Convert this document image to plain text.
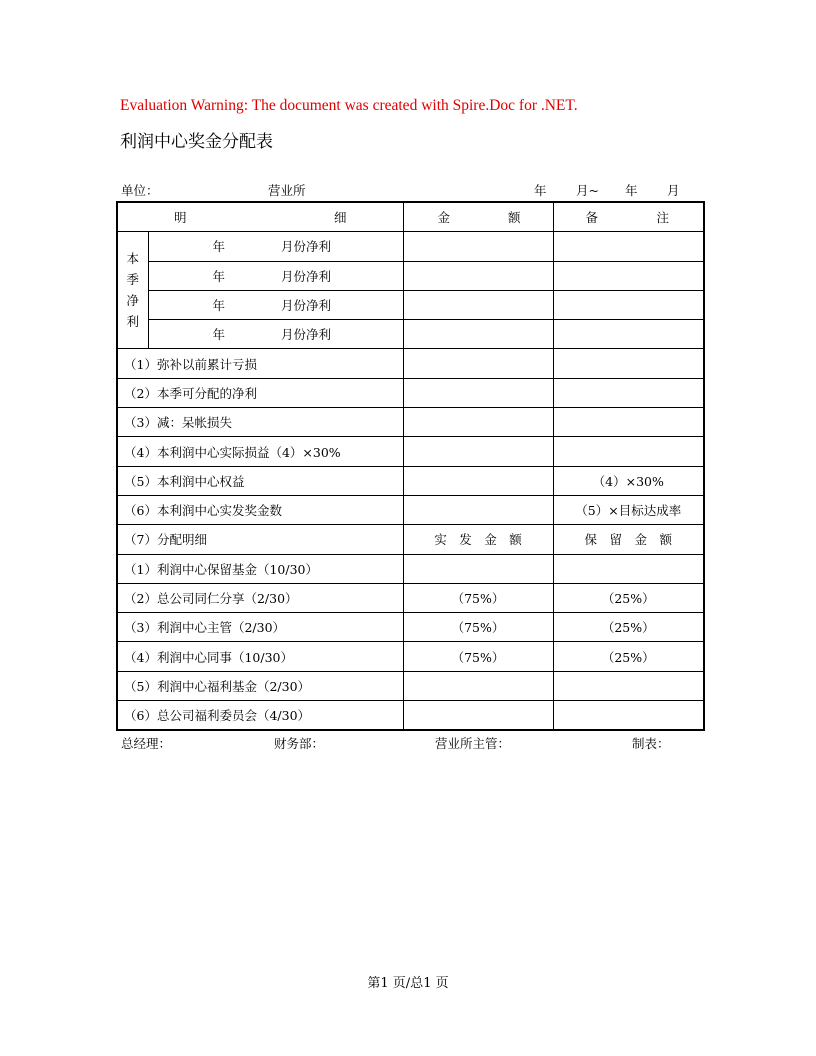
Evaluation Warning: The document was created with Spire.Doc for .NET.
利润中心奖金分配表
单位：	营业所	年 月~ 年 月
明 细		金 额	备 注

本
季
净
利	年 月份净利		
	年 月份净利		
	年 月份净利		
	年 月份净利		
（1）弥补以前累计亏损			
（2）本季可分配的净利			
（3）减：呆帐损失			
（4）本利润中心实际损益（4）×30%			
（5）本利润中心权益			（4）×30%
（6）本利润中心实发奖金数			（5）×目标达成率
（7）分配明细		实　发　金　额	保　留　金　额
（1）利润中心保留基金（10/30）			
（2）总公司同仁分享（2/30）		（75%）	（25%）
（3）利润中心主管（2/30）		（75%）	（25%）
（4）利润中心同事（10/30）		（75%）	（25%）
（5）利润中心福利基金（2/30）			
（6）总公司福利委员会（4/30）			
总经理：	财务部：	营业所主管：	制表：
第1 页/总1 页
